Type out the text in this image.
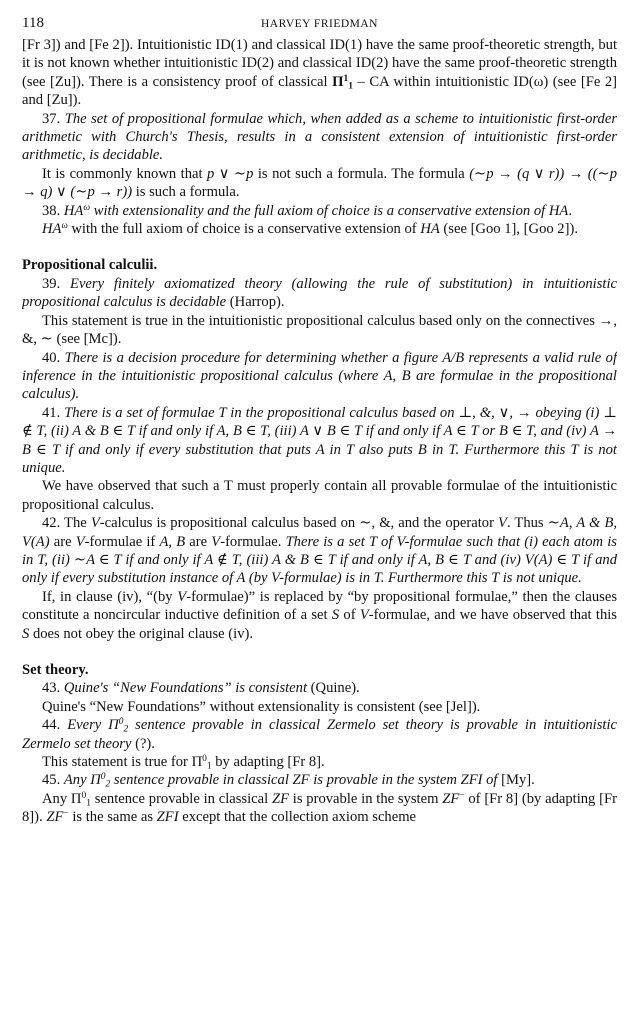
118	HARVEY FRIEDMAN

[Fr 3]) and [Fe 2]). Intuitionistic ID(1) and classical ID(1) have the same proof-theoretic strength, but it is not known whether intuitionistic ID(2) and classical ID(2) have the same proof-theoretic strength (see [Zu]). There is a consistency proof of classical $\Pi^1_1$ – CA within intuitionistic ID(ω) (see [Fe 2] and [Zu]).

37. The set of propositional formulae which, when added as a scheme to intuitionistic first-order arithmetic with Church's Thesis, results in a consistent extension of intuitionistic first-order arithmetic, is decidable.

It is commonly known that p ∨ ∼p is not such a formula. The formula (∼p → (q ∨ r)) → ((∼p → q) ∨ (∼p → r)) is such a formula.

38. $HA^\omega$ with extensionality and the full axiom of choice is a conservative extension of HA.

$HA^\omega$ with the full axiom of choice is a conservative extension of HA (see [Goo 1], [Goo 2]).

Propositional calculii.

39. Every finitely axiomatized theory (allowing the rule of substitution) in intuitionistic propositional calculus is decidable (Harrop).

This statement is true in the intuitionistic propositional calculus based only on the connectives →, &, ∼ (see [Mc]).

40. There is a decision procedure for determining whether a figure A/B represents a valid rule of inference in the intuitionistic propositional calculus (where A, B are formulae in the propositional calculus).

41. There is a set of formulae T in the propositional calculus based on ⊥, &, ∨, → obeying (i) ⊥ ∉ T, (ii) A & B ∈ T if and only if A, B ∈ T, (iii) A ∨ B ∈ T if and only if A ∈ T or B ∈ T, and (iv) A → B ∈ T if and only if every substitution that puts A in T also puts B in T. Furthermore this T is not unique.

We have observed that such a T must properly contain all provable formulae of the intuitionistic propositional calculus.

42. The V-calculus is propositional calculus based on ∼, &, and the operator V. Thus ∼A, A & B, V(A) are V-formulae if A, B are V-formulae. There is a set T of V-formulae such that (i) each atom is in T, (ii) ∼A ∈ T if and only if A ∉ T, (iii) A & B ∈ T if and only if A, B ∈ T and (iv) V(A) ∈ T if and only if every substitution instance of A (by V-formulae) is in T. Furthermore this T is not unique.

If, in clause (iv), “(by V-formulae)” is replaced by “by propositional formulae,” then the clauses constitute a noncircular inductive definition of a set S of V-formulae, and we have observed that this S does not obey the original clause (iv).

Set theory.

43. Quine's “New Foundations” is consistent (Quine).

Quine's “New Foundations” without extensionality is consistent (see [Jel]).

44. Every $\Pi^0_2$ sentence provable in classical Zermelo set theory is provable in intuitionistic Zermelo set theory (?).

This statement is true for $\Pi^0_1$ by adapting [Fr 8].

45. Any $\Pi^0_2$ sentence provable in classical ZF is provable in the system ZFI of [My].

Any $\Pi^0_1$ sentence provable in classical ZF is provable in the system ZF− of [Fr 8] (by adapting [Fr 8]). ZF− is the same as ZFI except that the collection axiom scheme
